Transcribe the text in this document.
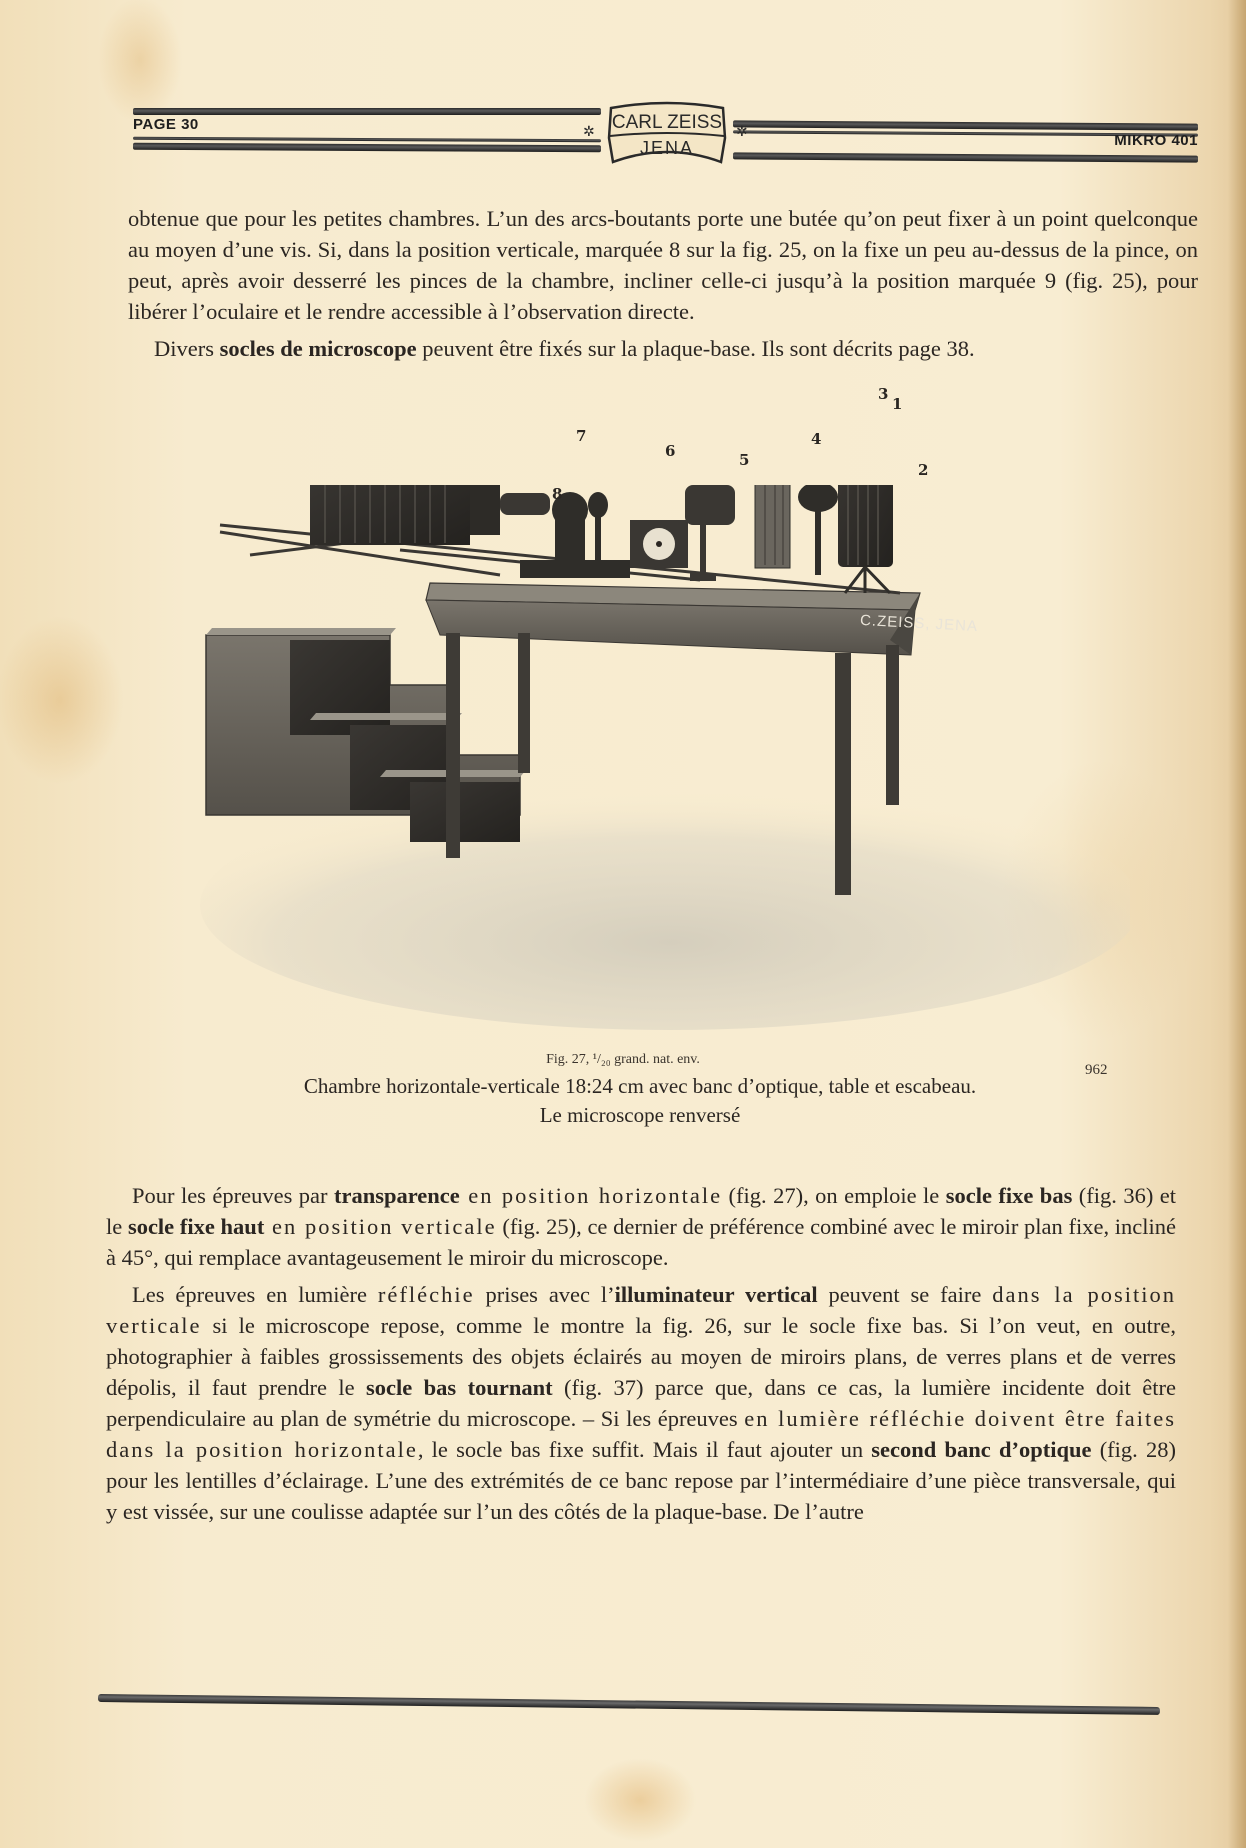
PAGE 30
MIKRO 401
✲ CARL ZEISS
JENA
✲

obtenue que pour les petites chambres. L’un des arcs-boutants porte une butée qu’on peut fixer à un point quelconque au moyen d’une vis. Si, dans la position verticale, marquée 8 sur la fig. 25, on la fixe un peu au-dessus de la pince, on peut, après avoir desserré les pinces de la chambre, incliner celle-ci jusqu’à la position marquée 9 (fig. 25), pour libérer l’oculaire et le rendre accessible à l’observation directe.

Divers socles de microscope peuvent être fixés sur la plaque-base. Ils sont décrits page 38.

1
2
3
4
5
6
7
8
C.ZEISS, JENA
Fig. 27, ¹/₂₀ grand. nat. env.
962
Chambre horizontale-verticale 18:24 cm avec banc d’optique, table et escabeau.
Le microscope renversé

Pour les épreuves par transparence en position horizontale (fig. 27), on emploie le socle fixe bas (fig. 36) et le socle fixe haut en position verticale (fig. 25), ce dernier de préférence combiné avec le miroir plan fixe, incliné à 45°, qui remplace avantageusement le miroir du microscope.

Les épreuves en lumière réfléchie prises avec l’illuminateur vertical peuvent se faire dans la position verticale si le microscope repose, comme le montre la fig. 26, sur le socle fixe bas. Si l’on veut, en outre, photographier à faibles grossissements des objets éclairés au moyen de miroirs plans, de verres plans et de verres dépolis, il faut prendre le socle bas tournant (fig. 37) parce que, dans ce cas, la lumière incidente doit être perpendiculaire au plan de symétrie du microscope. – Si les épreuves en lumière réfléchie doivent être faites dans la position horizontale, le socle bas fixe suffit. Mais il faut ajouter un second banc d’optique (fig. 28) pour les lentilles d’éclairage. L’une des extrémités de ce banc repose par l’intermédiaire d’une pièce transversale, qui y est vissée, sur une coulisse adaptée sur l’un des côtés de la plaque-base. De l’autre
